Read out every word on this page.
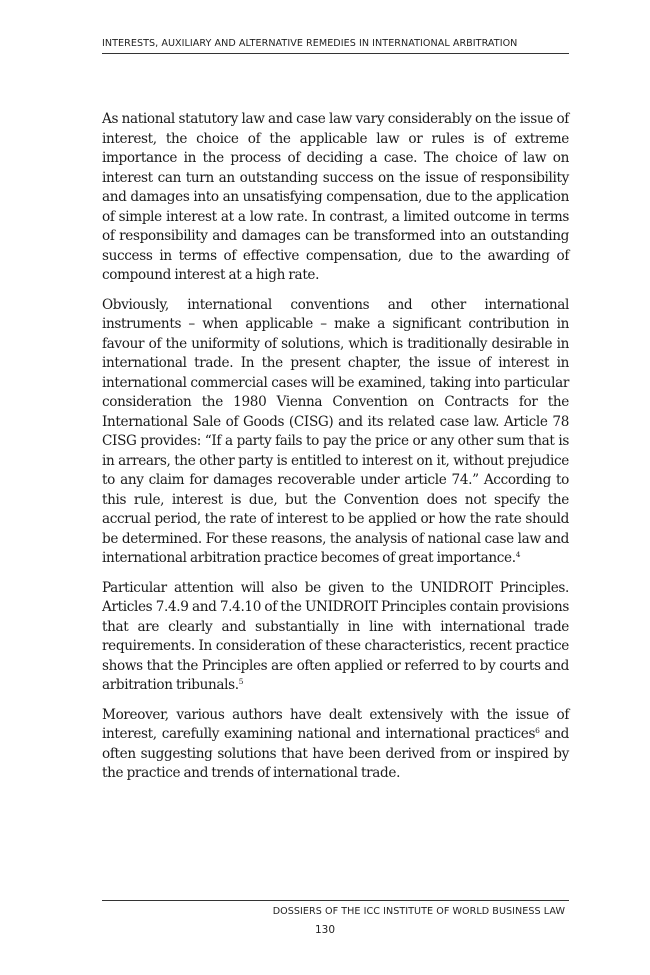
INTERESTS, AUXILIARY AND ALTERNATIVE REMEDIES IN INTERNATIONAL ARBITRATION

As national statutory law and case law vary considerably on the issue of interest, the choice of the applicable law or rules is of extreme importance in the process of deciding a case. The choice of law on interest can turn an outstanding success on the issue of responsibility and damages into an unsatisfying compensation, due to the application of simple interest at a low rate. In contrast, a limited outcome in terms of responsibility and damages can be transformed into an outstanding success in terms of effective compensation, due to the awarding of compound interest at a high rate.

Obviously, international conventions and other international instruments – when applicable – make a significant contribution in favour of the uniformity of solutions, which is traditionally desirable in international trade. In the present chapter, the issue of interest in international commercial cases will be examined, taking into particular consideration the 1980 Vienna Convention on Contracts for the International Sale of Goods (CISG) and its related case law. Article 78 CISG provides: “If a party fails to pay the price or any other sum that is in arrears, the other party is entitled to interest on it, without prejudice to any claim for damages recoverable under article 74.” According to this rule, interest is due, but the Convention does not specify the accrual period, the rate of interest to be applied or how the rate should be determined. For these reasons, the analysis of national case law and international arbitration practice becomes of great importance.$^4$

Particular attention will also be given to the UNIDROIT Principles. Articles 7.4.9 and 7.4.10 of the UNIDROIT Principles contain provisions that are clearly and substantially in line with international trade requirements. In consideration of these characteristics, recent practice shows that the Principles are often applied or referred to by courts and arbitration tribunals.$^5$

Moreover, various authors have dealt extensively with the issue of interest, carefully examining national and international practices$^6$ and often suggesting solutions that have been derived from or inspired by the practice and trends of international trade.

DOSSIERS OF THE ICC INSTITUTE OF WORLD BUSINESS LAW
130
